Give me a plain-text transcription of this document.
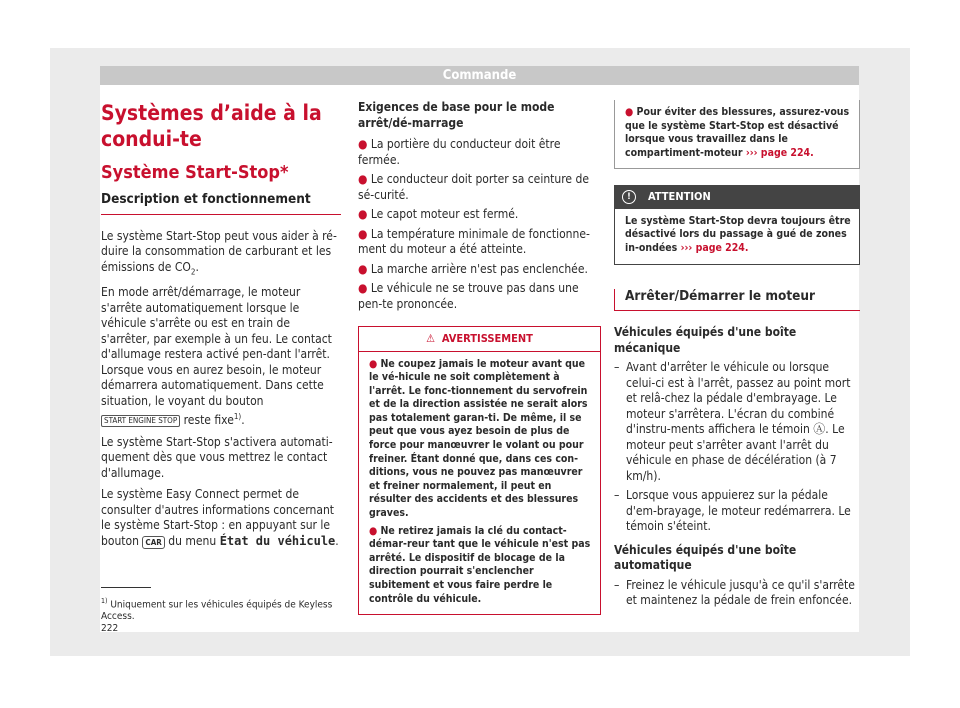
Commande
Systèmes d’aide à la condui-te
Système Start-Stop*
Description et fonctionnement

Le système Start-Stop peut vous aider à ré-duire la consommation de carburant et les émissions de $CO_2$.

En mode arrêt/démarrage, le moteur s'arrête automatiquement lorsque le véhicule s'arrête ou est en train de s'arrêter, par exemple à un feu. Le contact d'allumage restera activé pen-dant l'arrêt. Lorsque vous en aurez besoin, le moteur démarrera automatiquement. Dans cette situation, le voyant du bouton START ENGINE STOP reste fixe$^{1)}$.

Le système Start-Stop s'activera automati-quement dès que vous mettrez le contact d'allumage.

Le système Easy Connect permet de consulter d'autres informations concernant le système Start-Stop : en appuyant sur le bouton CAR du menu État du véhicule.

Exigences de base pour le mode arrêt/dé-marrage
● La portière du conducteur doit être fermée.
● Le conducteur doit porter sa ceinture de sé-curité.
● Le capot moteur est fermé.
● La température minimale de fonctionne-ment du moteur a été atteinte.
● La marche arrière n'est pas enclenchée.
● Le véhicule ne se trouve pas dans une pen-te prononcée.
⚠ AVERTISSEMENT
● Ne coupez jamais le moteur avant que le vé-hicule ne soit complètement à l'arrêt. Le fonc-tionnement du servofrein et de la direction assistée ne serait alors pas totalement garan-ti. De même, il se peut que vous ayez besoin de plus de force pour manœuvrer le volant ou pour freiner. Étant donné que, dans ces con-ditions, vous ne pouvez pas manœuvrer et freiner normalement, il peut en résulter des accidents et des blessures graves.
● Ne retirez jamais la clé du contact-démar-reur tant que le véhicule n'est pas arrêté. Le dispositif de blocage de la direction pourrait s'enclencher subitement et vous faire perdre le contrôle du véhicule.
● Pour éviter des blessures, assurez-vous que le système Start-Stop est désactivé lorsque vous travaillez dans le compartiment-moteur ››› page 224.
!	ATTENTION
Le système Start-Stop devra toujours être désactivé lors du passage à gué de zones in-ondées ››› page 224.
Arrêter/Démarrer le moteur
Véhicules équipés d'une boîte mécanique
– Avant d'arrêter le véhicule ou lorsque celui-ci est à l'arrêt, passez au point mort et relâ-chez la pédale d'embrayage. Le moteur s'arrêtera. L'écran du combiné d'instru-ments affichera le témoin Ⓐ. Le moteur peut s'arrêter avant l'arrêt du véhicule en phase de décélération (à 7 km/h).
– Lorsque vous appuierez sur la pédale d'em-brayage, le moteur redémarrera. Le témoin s'éteint.
Véhicules équipés d'une boîte automatique
– Freinez le véhicule jusqu'à ce qu'il s'arrête et maintenez la pédale de frein enfoncée.
$^{1)}$ Uniquement sur les véhicules équipés de Keyless Access.
222
